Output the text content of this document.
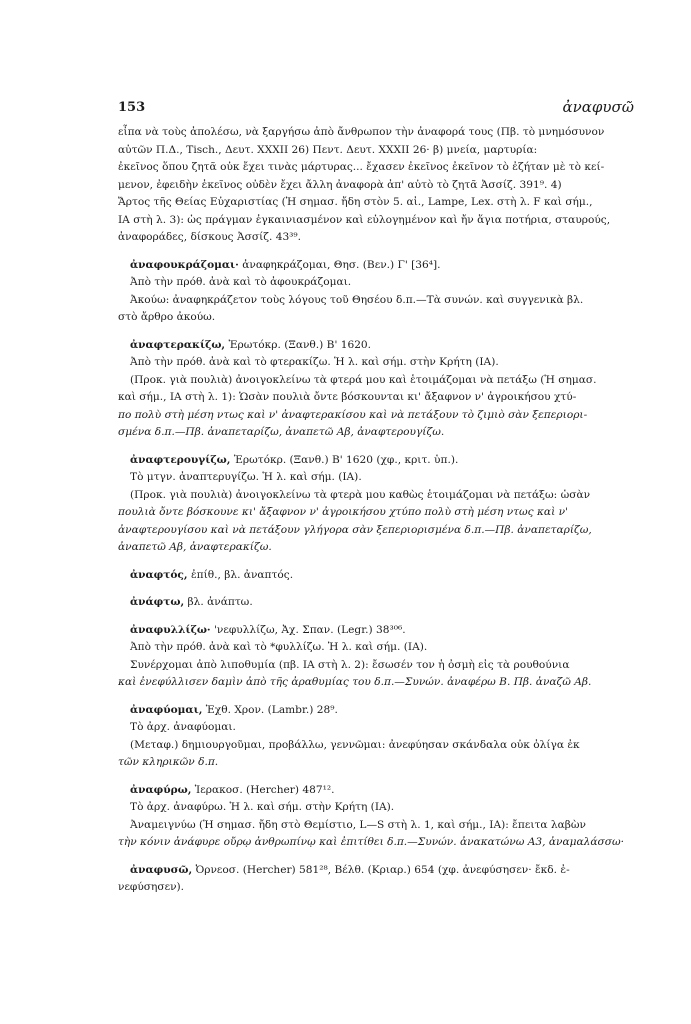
153	ἀναφυσῶ
εἶπα νὰ τοὺς ἀπολέσω, νὰ ξαργήσω ἀπὸ ἄνθρωπον τὴν ἀναφορά τους (Πβ. τὸ μνημόσυνον
αὐτῶν Π.Δ., Tisch., Δευτ. XXXII 26) Πεντ. Δευτ. XXXII 26· β) μνεία, μαρτυρία:
ἐκεῖνος ὅπου ζητᾶ οὐκ ἔχει τινὰς μάρτυρας... ἔχασεν ἐκεῖνος ἐκεῖνον τὸ ἐζήταν μὲ τὸ κεί-
μενον, ἐφειδὴν ἐκεῖνος οὐδὲν ἔχει ἄλλη ἀναφορὰ ἀπ' αὐτὸ τὸ ζητᾶ Ἀσσίζ. 391⁹. 4)
Ἄρτος τῆς Θείας Εὐχαριστίας (Ἡ σημασ. ἤδη στὸν 5. αἰ., Lampe, Lex. στὴ λ. F καὶ σήμ.,
ΙΑ στὴ λ. 3): ὡς πράγμαν ἐγκαινιασμένον καὶ εὐλογημένον καὶ ἤν ἅγια ποτήρια, σταυρούς,
ἀναφοράδες, δίσκους Ἀσσίζ. 43³⁹.
ἀναφουκράζομαι· ἀναφηκράζομαι, Θησ. (Βεν.) Γ' [36⁴].
Ἀπὸ τὴν πρόθ. ἀνὰ καὶ τὸ ἀφουκράζομαι.
Ἀκούω: ἀναφηκράζετον τοὺς λόγους τοῦ Θησέου δ.π.—Τὰ συνών. καὶ συγγενικὰ βλ.
στὸ ἄρθρο ἀκούω.
ἀναφτερακίζω, Ἐρωτόκρ. (Ξανθ.) Β' 1620.
Ἀπὸ τὴν πρόθ. ἀνὰ καὶ τὸ φτερακίζω. Ἡ λ. καὶ σήμ. στὴν Κρήτη (ΙΑ).
(Προκ. γιὰ πουλιὰ) ἀνοιγοκλείνω τὰ φτερά μου καὶ ἑτοιμάζομαι νὰ πετάξω (Ἡ σημασ.
καὶ σήμ., ΙΑ στὴ λ. 1): Ὡσὰν πουλιὰ ὄντε βόσκουνται κι' ἄξαφνον ν' ἀγροικήσου χτύ-
πο πολὺ στὴ μέση ντως καὶ ν' ἀναφτερακίσου καὶ νὰ πετάξουν τὸ ζιμιὸ σὰν ξεπεριορι-
σμένα δ.π.—Πβ. ἀναπεταρίζω, ἀναπετῶ Αβ, ἀναφτερουγίζω.
ἀναφτερουγίζω, Ἐρωτόκρ. (Ξανθ.) Β' 1620 (χφ., κριτ. ὑπ.).
Τὸ μτγν. ἀναπτερυγίζω. Ἡ λ. καὶ σήμ. (ΙΑ).
(Προκ. γιὰ πουλιὰ) ἀνοιγοκλείνω τὰ φτερὰ μου καθὼς ἑτοιμάζομαι νὰ πετάξω: ὡσὰν
πουλιὰ ὄντε βόσκουνε κι' ἄξαφνον ν' ἀγροικήσου χτύπο πολὺ στὴ μέση ντως καὶ ν'
ἀναφτερουγίσου καὶ νὰ πετάξουν γλήγορα σὰν ξεπεριορισμένα δ.π.—Πβ. ἀναπεταρίζω,
ἀναπετῶ Αβ, ἀναφτερακίζω.
ἀναφτός, ἐπίθ., βλ. ἀναπτός.
ἀνάφτω, βλ. ἀνάπτω.
ἀναφυλλίζω· 'νεφυλλίζω, Ἀχ. Σπαν. (Legr.) 38³⁰⁶.
Ἀπὸ τὴν πρόθ. ἀνὰ καὶ τὸ *φυλλίζω. Ἡ λ. καὶ σήμ. (ΙΑ).
Συνέρχομαι ἀπὸ λιποθυμία (πβ. ΙΑ στὴ λ. 2): ἔσωσέν τον ἡ ὀσμὴ εἰς τὰ ρουθούνια
καὶ ἐνεφύλλισεν δαμὶν ἀπὸ τῆς ἀραθυμίας του δ.π.—Συνών. ἀναφέρω Β. Πβ. ἀναζῶ Αβ.
ἀναφύομαι, Ἐχθ. Χρον. (Lambr.) 28⁹.
Τὸ ἀρχ. ἀναφύομαι.
(Μεταφ.) δημιουργοῦμαι, προβάλλω, γεννῶμαι: ἀνεφύησαν σκάνδαλα οὐκ ὀλίγα ἐκ
τῶν κληρικῶν δ.π.
ἀναφύρω, Ἱερακοσ. (Hercher) 487¹².
Τὸ ἀρχ. ἀναφύρω. Ἡ λ. καὶ σήμ. στὴν Κρήτη (ΙΑ).
Ἀναμειγνύω (Ἡ σημασ. ἤδη στὸ Θεμίστιο, L—S στὴ λ. 1, καὶ σήμ., ΙΑ): ἔπειτα λαβὼν
τὴν κόνιν ἀνάφυρε οὔρῳ ἀνθρωπίνῳ καὶ ἐπιτίθει δ.π.—Συνών. ἀνακατώνω Α3, ἀναμαλάσσω·
ἀναφυσῶ, Ὀρνεοσ. (Hercher) 581²⁸, Βέλθ. (Κριαρ.) 654 (χφ. ἀνεφύσησεν· ἔκδ. ἐ-
νεφύσησεν).
